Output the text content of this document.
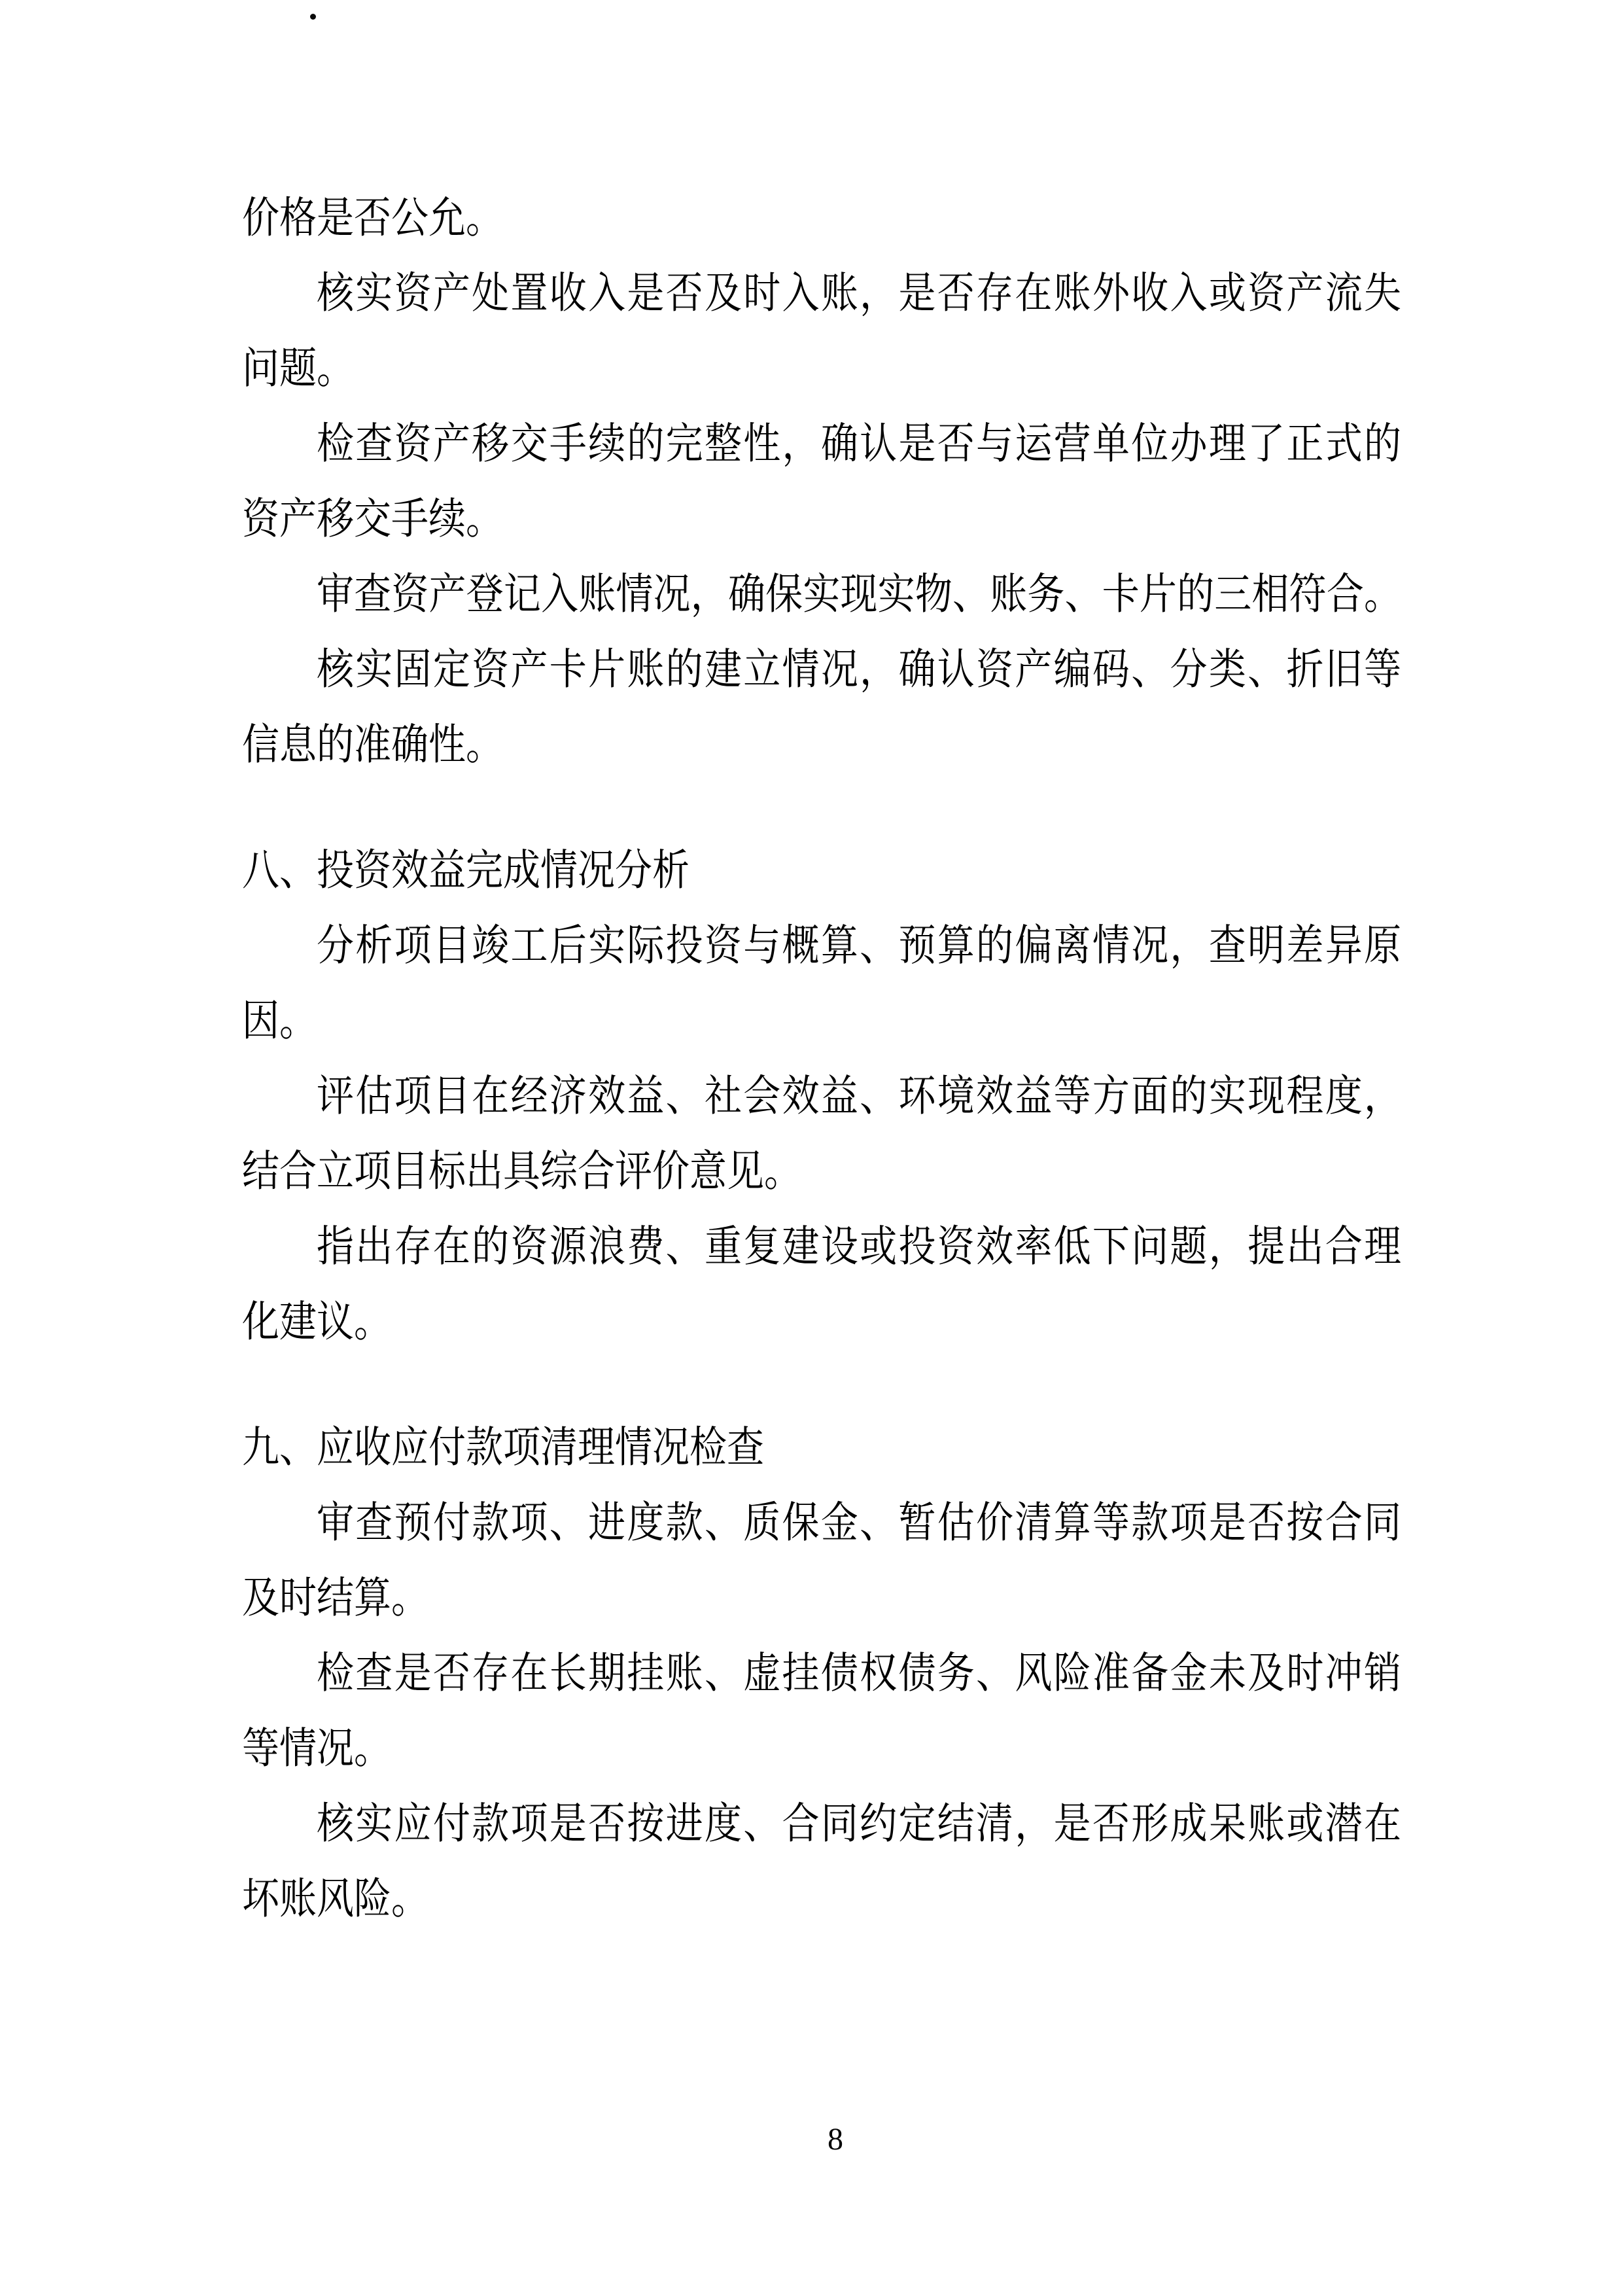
价格是否公允。
核实资产处置收入是否及时入账，是否存在账外收入或资产流失
问题。
检查资产移交手续的完整性，确认是否与运营单位办理了正式的
资产移交手续。
审查资产登记入账情况，确保实现实物、账务、卡片的三相符合。
核实固定资产卡片账的建立情况，确认资产编码、分类、折旧等
信息的准确性。
八、投资效益完成情况分析
分析项目竣工后实际投资与概算、预算的偏离情况，查明差异原
因。
评估项目在经济效益、社会效益、环境效益等方面的实现程度，
结合立项目标出具综合评价意见。
指出存在的资源浪费、重复建设或投资效率低下问题，提出合理
化建议。
九、应收应付款项清理情况检查
审查预付款项、进度款、质保金、暂估价清算等款项是否按合同
及时结算。
检查是否存在长期挂账、虚挂债权债务、风险准备金未及时冲销
等情况。
核实应付款项是否按进度、合同约定结清，是否形成呆账或潜在
坏账风险。
8
